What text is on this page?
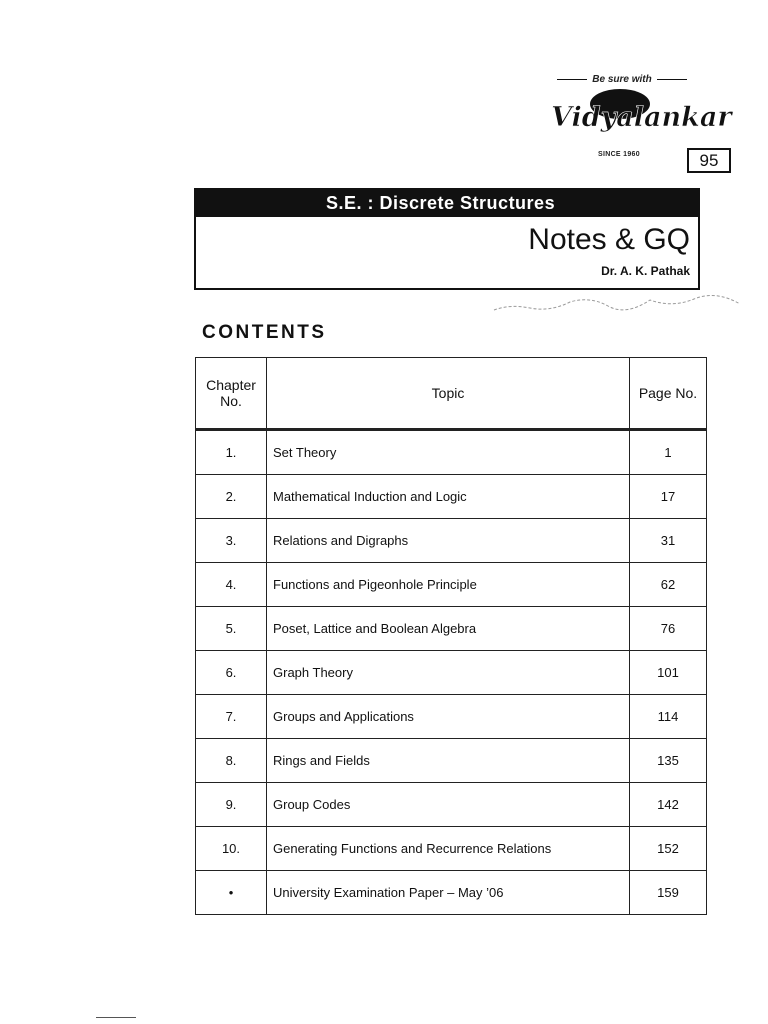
Be sure with
Vidyalankar
SINCE 1960	95
S.E. : Discrete Structures
Notes & GQ
Dr. A. K. Pathak
CONTENTS
Chapter No.	Topic	Page No.
1.	Set Theory	1
2.	Mathematical Induction and Logic	17
3.	Relations and Digraphs	31
4.	Functions and Pigeonhole Principle	62
5.	Poset, Lattice and Boolean Algebra	76
6.	Graph Theory	101
7.	Groups and Applications	114
8.	Rings and Fields	135
9.	Group Codes	142
10.	Generating Functions and Recurrence Relations	152
•	University Examination Paper – May ’06	159
